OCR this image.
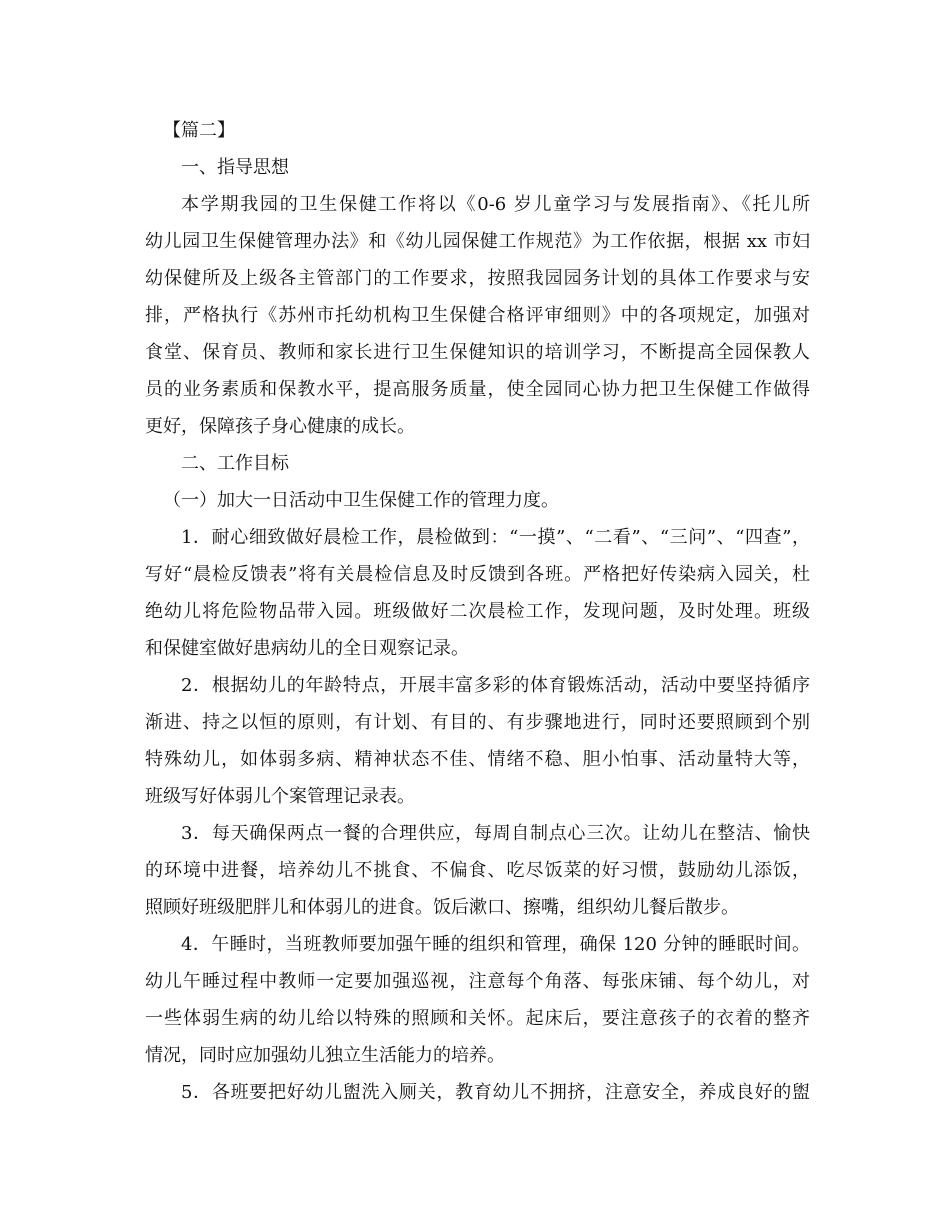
【篇二】
一、指导思想
本学期我园的卫生保健工作将以《0-6 岁儿童学习与发展指南》、《托儿所
幼儿园卫生保健管理办法》和《幼儿园保健工作规范》为工作依据，根据 xx 市妇
幼保健所及上级各主管部门的工作要求，按照我园园务计划的具体工作要求与安
排，严格执行《苏州市托幼机构卫生保健合格评审细则》中的各项规定，加强对
食堂、保育员、教师和家长进行卫生保健知识的培训学习，不断提高全园保教人
员的业务素质和保教水平，提高服务质量，使全园同心协力把卫生保健工作做得
更好，保障孩子身心健康的成长。
二、工作目标
（一）加大一日活动中卫生保健工作的管理力度。
1．耐心细致做好晨检工作，晨检做到：“一摸”、“二看”、“三问”、“四查”，
写好“晨检反馈表”将有关晨检信息及时反馈到各班。严格把好传染病入园关，杜
绝幼儿将危险物品带入园。班级做好二次晨检工作，发现问题，及时处理。班级
和保健室做好患病幼儿的全日观察记录。
2．根据幼儿的年龄特点，开展丰富多彩的体育锻炼活动，活动中要坚持循序
渐进、持之以恒的原则，有计划、有目的、有步骤地进行，同时还要照顾到个别
特殊幼儿，如体弱多病、精神状态不佳、情绪不稳、胆小怕事、活动量特大等，
班级写好体弱儿个案管理记录表。
3．每天确保两点一餐的合理供应，每周自制点心三次。让幼儿在整洁、愉快
的环境中进餐，培养幼儿不挑食、不偏食、吃尽饭菜的好习惯，鼓励幼儿添饭，
照顾好班级肥胖儿和体弱儿的进食。饭后漱口、擦嘴，组织幼儿餐后散步。
4．午睡时，当班教师要加强午睡的组织和管理，确保 120 分钟的睡眠时间。
幼儿午睡过程中教师一定要加强巡视，注意每个角落、每张床铺、每个幼儿，对
一些体弱生病的幼儿给以特殊的照顾和关怀。起床后，要注意孩子的衣着的整齐
情况，同时应加强幼儿独立生活能力的培养。
5．各班要把好幼儿盥洗入厕关，教育幼儿不拥挤，注意安全，养成良好的盥
